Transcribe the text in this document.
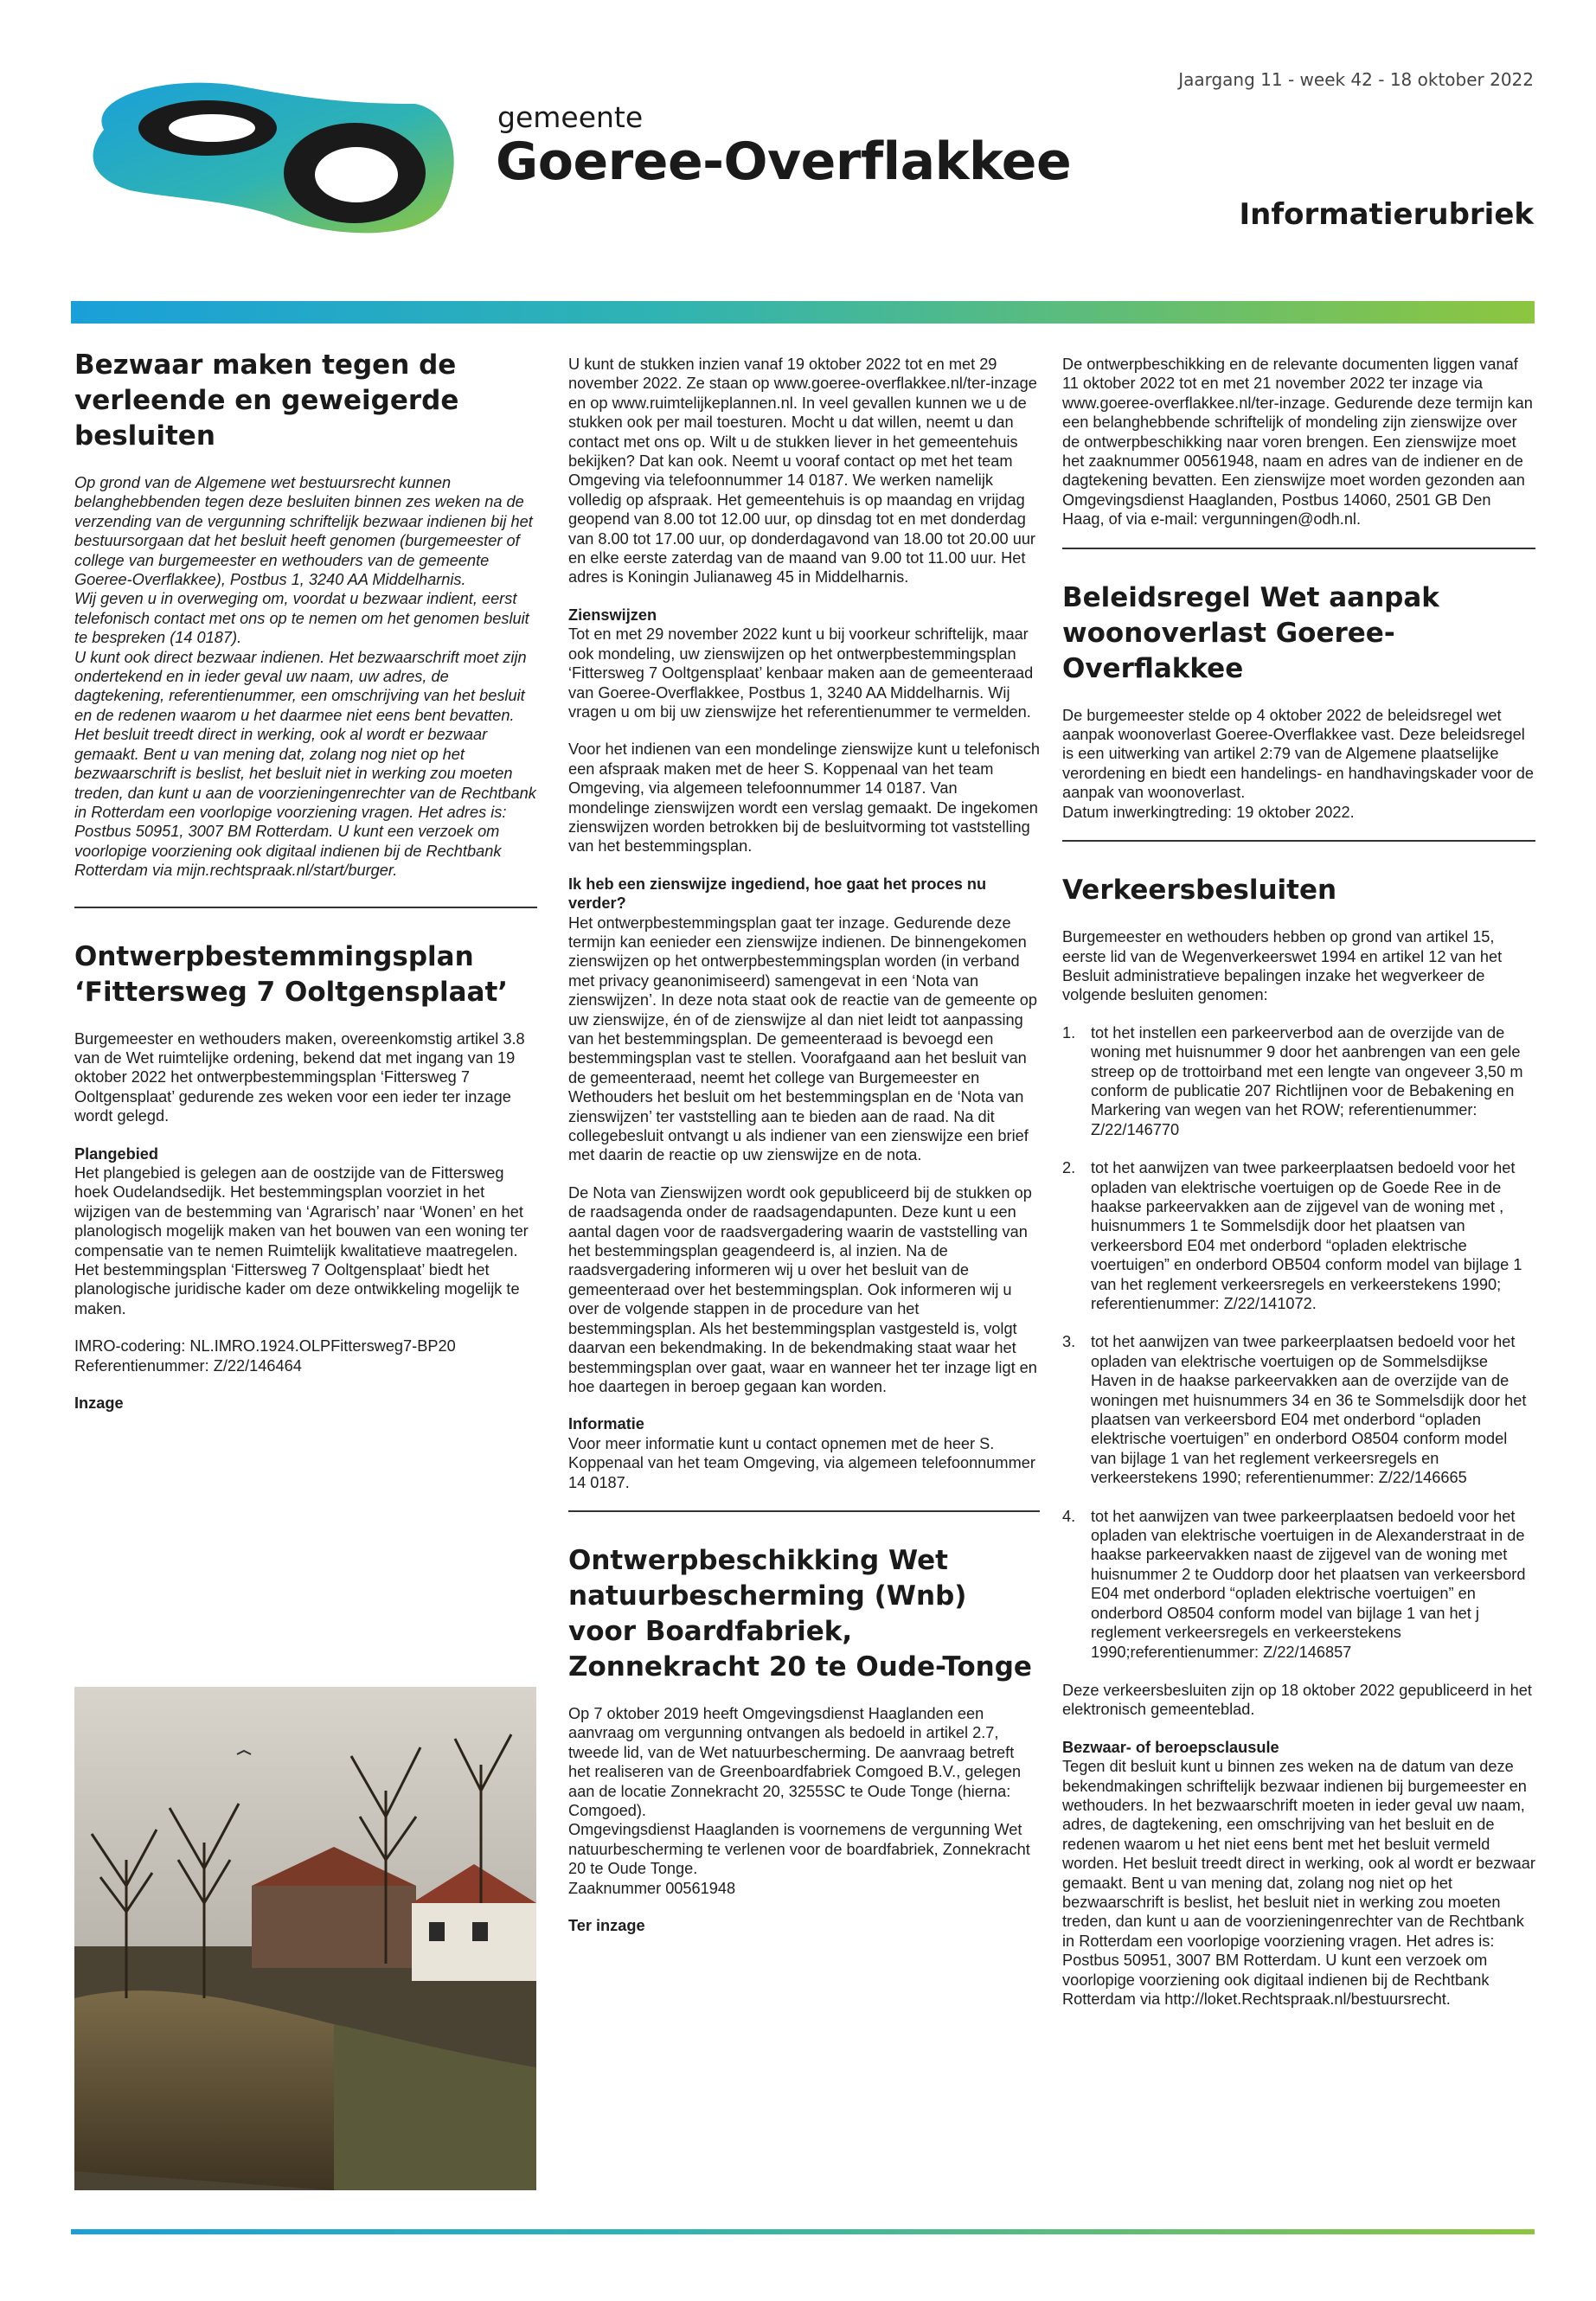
Jaargang 11 - week 42 - 18 oktober 2022
gemeente
Goeree-Overflakkee
Informatierubriek
Bezwaar maken tegen de verleende en geweigerde besluiten

Op grond van de Algemene wet bestuursrecht kunnen belanghebbenden tegen deze besluiten binnen zes weken na de verzending van de vergunning schriftelijk bezwaar indienen bij het bestuursorgaan dat het besluit heeft genomen (burgemeester of college van burgemeester en wethouders van de gemeente Goeree-Overflakkee), Postbus 1, 3240 AA Middelharnis.

Wij geven u in overweging om, voordat u bezwaar indient, eerst telefonisch contact met ons op te nemen om het genomen besluit te bespreken (14 0187).

U kunt ook direct bezwaar indienen. Het bezwaarschrift moet zijn ondertekend en in ieder geval uw naam, uw adres, de dagtekening, referentienummer, een omschrijving van het besluit en de redenen waarom u het daarmee niet eens bent bevatten.

Het besluit treedt direct in werking, ook al wordt er bezwaar gemaakt. Bent u van mening dat, zolang nog niet op het bezwaarschrift is beslist, het besluit niet in werking zou moeten treden, dan kunt u aan de voorzieningenrechter van de Rechtbank in Rotterdam een voorlopige voorziening vragen. Het adres is: Postbus 50951, 3007 BM Rotterdam. U kunt een verzoek om voorlopige voorziening ook digitaal indienen bij de Rechtbank Rotterdam via mijn.rechtspraak.nl/start/burger.

Ontwerpbestemmingsplan ‘Fittersweg 7 Ooltgensplaat’

Burgemeester en wethouders maken, overeenkomstig artikel 3.8 van de Wet ruimtelijke ordening, bekend dat met ingang van 19 oktober 2022 het ontwerpbestemmingsplan ‘Fittersweg 7 Ooltgensplaat’ gedurende zes weken voor een ieder ter inzage wordt gelegd.

Plangebied

Het plangebied is gelegen aan de oostzijde van de Fittersweg hoek Oudelandsedijk. Het bestemmingsplan voorziet in het wijzigen van de bestemming van ‘Agrarisch’ naar ‘Wonen’ en het planologisch mogelijk maken van het bouwen van een woning ter compensatie van te nemen Ruimtelijk kwalitatieve maatregelen. Het bestemmingsplan ‘Fittersweg 7 Ooltgensplaat’ biedt het planologische juridische kader om deze ontwikkeling mogelijk te maken.

IMRO-codering: NL.IMRO.1924.OLPFittersweg7-BP20

Referentienummer: Z/22/146464

Inzage

U kunt de stukken inzien vanaf 19 oktober 2022 tot en met 29 november 2022. Ze staan op www.goeree-overflakkee.nl/ter-inzage en op www.ruimtelijkeplannen.nl. In veel gevallen kunnen we u de stukken ook per mail toesturen. Mocht u dat willen, neemt u dan contact met ons op. Wilt u de stukken liever in het gemeentehuis bekijken? Dat kan ook. Neemt u vooraf contact op met het team Omgeving via telefoonnummer 14 0187. We werken namelijk volledig op afspraak. Het gemeentehuis is op maandag en vrijdag geopend van 8.00 tot 12.00 uur, op dinsdag tot en met donderdag van 8.00 tot 17.00 uur, op donderdagavond van 18.00 tot 20.00 uur en elke eerste zaterdag van de maand van 9.00 tot 11.00 uur. Het adres is Koningin Julianaweg 45 in Middelharnis.

Zienswijzen

Tot en met 29 november 2022 kunt u bij voorkeur schriftelijk, maar ook mondeling, uw zienswijzen op het ontwerpbestemmingsplan ‘Fittersweg 7 Ooltgensplaat’ kenbaar maken aan de gemeenteraad van Goeree-Overflakkee, Postbus 1, 3240 AA Middelharnis. Wij vragen u om bij uw zienswijze het referentienummer te vermelden.

Voor het indienen van een mondelinge zienswijze kunt u telefonisch een afspraak maken met de heer S. Koppenaal van het team Omgeving, via algemeen telefoonnummer 14 0187. Van mondelinge zienswijzen wordt een verslag gemaakt. De ingekomen zienswijzen worden betrokken bij de besluitvorming tot vaststelling van het bestemmingsplan.

Ik heb een zienswijze ingediend, hoe gaat het proces nu verder?

Het ontwerpbestemmingsplan gaat ter inzage. Gedurende deze termijn kan eenieder een zienswijze indienen. De binnengekomen zienswijzen op het ontwerpbestemmingsplan worden (in verband met privacy geanonimiseerd) samengevat in een ‘Nota van zienswijzen’. In deze nota staat ook de reactie van de gemeente op uw zienswijze, én of de zienswijze al dan niet leidt tot aanpassing van het bestemmingsplan. De gemeenteraad is bevoegd een bestemmingsplan vast te stellen. Voorafgaand aan het besluit van de gemeenteraad, neemt het college van Burgemeester en Wethouders het besluit om het bestemmingsplan en de ‘Nota van zienswijzen’ ter vaststelling aan te bieden aan de raad. Na dit collegebesluit ontvangt u als indiener van een zienswijze een brief met daarin de reactie op uw zienswijze en de nota.

De Nota van Zienswijzen wordt ook gepubliceerd bij de stukken op de raadsagenda onder de raadsagendapunten. Deze kunt u een aantal dagen voor de raadsvergadering waarin de vaststelling van het bestemmingsplan geagendeerd is, al inzien. Na de raadsvergadering informeren wij u over het besluit van de gemeenteraad over het bestemmingsplan. Ook informeren wij u over de volgende stappen in de procedure van het bestemmingsplan. Als het bestemmingsplan vastgesteld is, volgt daarvan een bekendmaking. In de bekendmaking staat waar het bestemmingsplan over gaat, waar en wanneer het ter inzage ligt en hoe daartegen in beroep gegaan kan worden.

Informatie

Voor meer informatie kunt u contact opnemen met de heer S. Koppenaal van het team Omgeving, via algemeen telefoonnummer 14 0187.

Ontwerpbeschikking Wet natuurbescherming (Wnb) voor Boardfabriek, Zonnekracht 20 te Oude-Tonge

Op 7 oktober 2019 heeft Omgevingsdienst Haaglanden een aanvraag om vergunning ontvangen als bedoeld in artikel 2.7, tweede lid, van de Wet natuurbescherming. De aanvraag betreft het realiseren van de Greenboardfabriek Comgoed B.V., gelegen aan de locatie Zonnekracht 20, 3255SC te Oude Tonge (hierna: Comgoed).

Omgevingsdienst Haaglanden is voornemens de vergunning Wet natuurbescherming te verlenen voor de boardfabriek, Zonnekracht 20 te Oude Tonge.

Zaaknummer 00561948

Ter inzage

De ontwerpbeschikking en de relevante documenten liggen vanaf 11 oktober 2022 tot en met 21 november 2022 ter inzage via www.goeree-overflakkee.nl/ter-inzage. Gedurende deze termijn kan een belanghebbende schriftelijk of mondeling zijn zienswijze over de ontwerpbeschikking naar voren brengen. Een zienswijze moet het zaaknummer 00561948, naam en adres van de indiener en de dagtekening bevatten. Een zienswijze moet worden gezonden aan Omgevingsdienst Haaglanden, Postbus 14060, 2501 GB Den Haag, of via e-mail: vergunningen@odh.nl.

Beleidsregel Wet aanpak woonoverlast Goeree-Overflakkee

De burgemeester stelde op 4 oktober 2022 de beleidsregel wet aanpak woonoverlast Goeree-Overflakkee vast. Deze beleidsregel is een uitwerking van artikel 2:79 van de Algemene plaatselijke verordening en biedt een handelings- en handhavingskader voor de aanpak van woonoverlast.

Datum inwerkingtreding: 19 oktober 2022.

Verkeersbesluiten

Burgemeester en wethouders hebben op grond van artikel 15, eerste lid van de Wegenverkeerswet 1994 en artikel 12 van het Besluit administratieve bepalingen inzake het wegverkeer de volgende besluiten genomen:

1. tot het instellen een parkeerverbod aan de overzijde van de woning met huisnummer 9 door het aanbrengen van een gele streep op de trottoirband met een lengte van ongeveer 3,50 m conform de publicatie 207 Richtlijnen voor de Bebakening en Markering van wegen van het ROW; referentienummer: Z/22/146770
2. tot het aanwijzen van twee parkeerplaatsen bedoeld voor het opladen van elektrische voertuigen op de Goede Ree in de haakse parkeervakken aan de zijgevel van de woning met , huisnummers 1 te Sommelsdijk door het plaatsen van verkeersbord E04 met onderbord “opladen elektrische voertuigen” en onderbord OB504 conform model van bijlage 1 van het reglement verkeersregels en verkeerstekens 1990; referentienummer: Z/22/141072.
3. tot het aanwijzen van twee parkeerplaatsen bedoeld voor het opladen van elektrische voertuigen op de Sommelsdijkse Haven in de haakse parkeervakken aan de overzijde van de woningen met huisnummers 34 en 36 te Sommelsdijk door het plaatsen van verkeersbord E04 met onderbord “opladen elektrische voertuigen” en onderbord O8504 conform model van bijlage 1 van het reglement verkeersregels en verkeerstekens 1990; referentienummer: Z/22/146665
4. tot het aanwijzen van twee parkeerplaatsen bedoeld voor het opladen van elektrische voertuigen in de Alexanderstraat in de haakse parkeervakken naast de zijgevel van de woning met huisnummer 2 te Ouddorp door het plaatsen van verkeersbord E04 met onderbord “opladen elektrische voertuigen” en onderbord O8504 conform model van bijlage 1 van het j reglement verkeersregels en verkeerstekens 1990;referentienummer: Z/22/146857

Deze verkeersbesluiten zijn op 18 oktober 2022 gepubliceerd in het elektronisch gemeenteblad.

Bezwaar- of beroepsclausule

Tegen dit besluit kunt u binnen zes weken na de datum van deze bekendmakingen schriftelijk bezwaar indienen bij burgemeester en wethouders. In het bezwaarschrift moeten in ieder geval uw naam, adres, de dagtekening, een omschrijving van het besluit en de redenen waarom u het niet eens bent met het besluit vermeld worden. Het besluit treedt direct in werking, ook al wordt er bezwaar gemaakt. Bent u van mening dat, zolang nog niet op het bezwaarschrift is beslist, het besluit niet in werking zou moeten treden, dan kunt u aan de voorzieningenrechter van de Rechtbank in Rotterdam een voorlopige voorziening vragen. Het adres is: Postbus 50951, 3007 BM Rotterdam. U kunt een verzoek om voorlopige voorziening ook digitaal indienen bij de Rechtbank Rotterdam via http://loket.Rechtspraak.nl/bestuursrecht.
